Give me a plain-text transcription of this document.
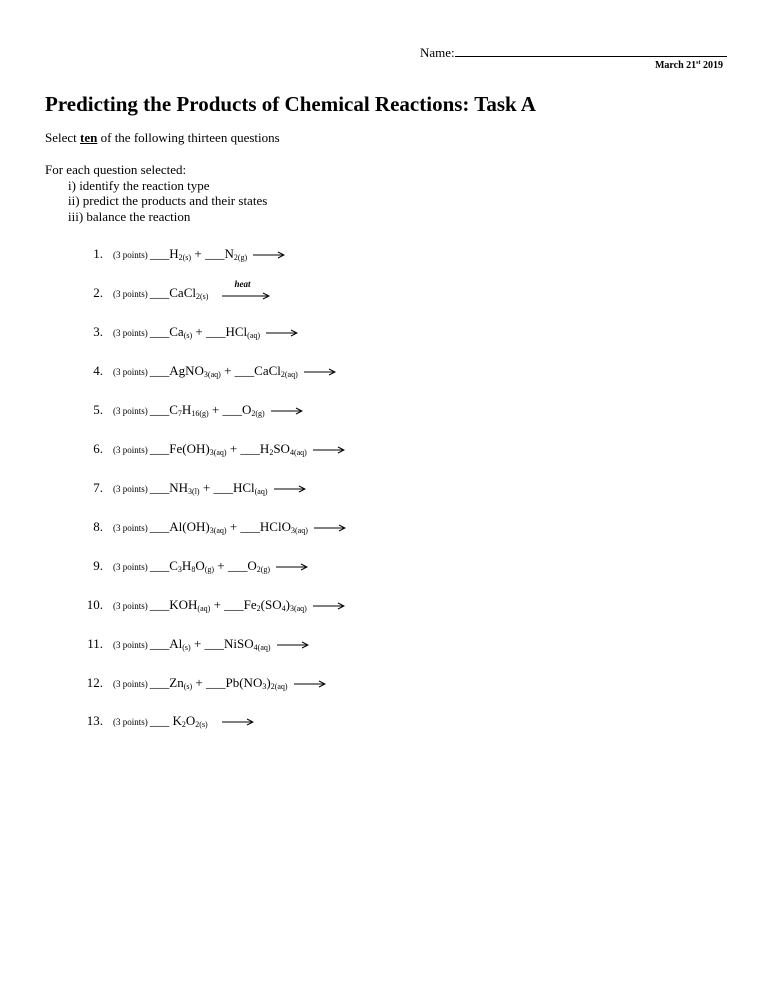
Name:
March 21st 2019
Predicting the Products of Chemical Reactions: Task A
Select ten of the following thirteen questions
For each question selected:
i) identify the reaction type
ii) predict the products and their states
iii) balance the reaction
1. (3 points) $\_\_\_H_{2(s)}$ + $\_\_\_N_{2(g)}$ →
2. (3 points) ___CaCl$_{2(s)}$
heat
3. (3 points) $\_\_\_Ca_{(s)}$ + ___HCl$_{(aq)}$ →
4. (3 points) ___AgNO$_{3(aq)}$ + ___CaCl$_{2(aq)}$ →
5. (3 points) $\_\_\_C_7H_{16(g)}$ + $\_\_\_O_{2(g)}$ →
6. (3 points) $\_\_\_Fe(OH)_{3(aq)}$ + $\_\_\_H_2SO_{4(aq)}$ →
7. (3 points) $\_\_\_NH_{3(l)}$ + ___HCl$_{(aq)}$ →
8. (3 points) $\_\_\_Al(OH)_{3(aq)}$ + ___HClO$_{3(aq)}$ →
9. (3 points) $\_\_\_C_3H_8O_{(g)}$ + $\_\_\_O_{2(g)}$ →
10. (3 points) $\_\_\_KOH_{(aq)}$ + $\_\_\_Fe_2(SO_4)_{3(aq)}$ →
11. (3 points) $\_\_\_Al_{(s)}$ + ___NiSO$_{4(aq)}$ →
12. (3 points) $\_\_\_Zn_{(s)}$ + $\_\_\_Pb(NO_3)_{2(aq)}$ →
13. (3 points) ___ $K_2O_{2(s)}$ →
